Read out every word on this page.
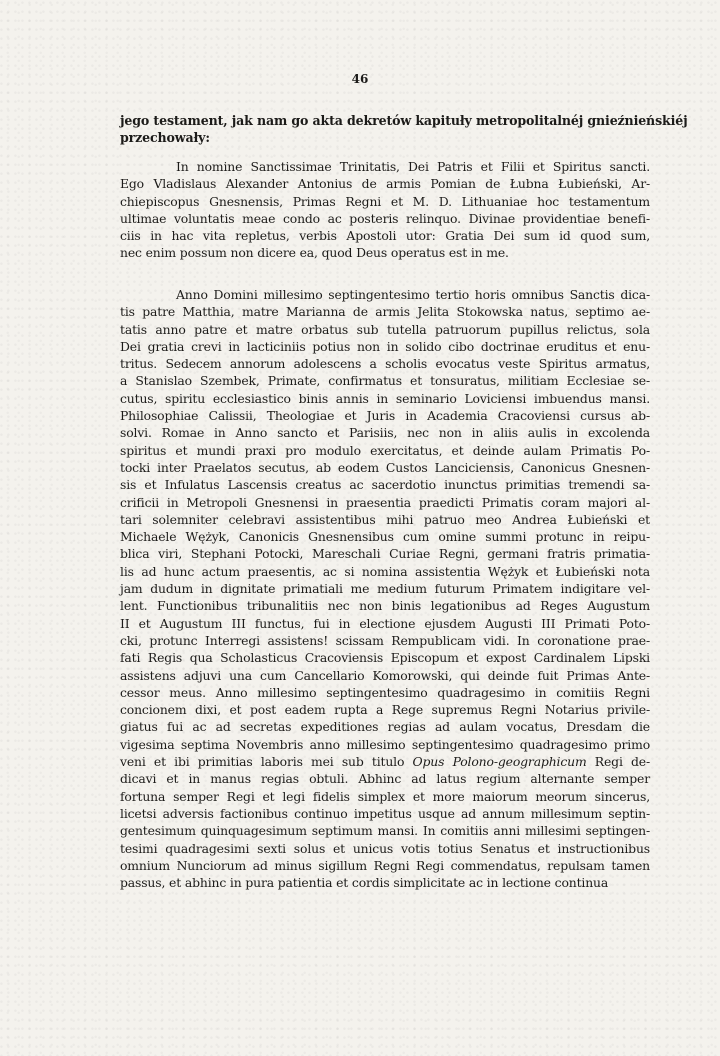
46
jego testament, jak nam go akta dekretów kapituły metropolitalnéj gnieźnieńskiéj
przechowały:
In nomine Sanctissimae Trinitatis, Dei Patris et Filii et Spiritus sancti.
Ego Vladislaus Alexander Antonius de armis Pomian de Łubna Łubieński, Ar-
chiepiscopus Gnesnensis, Primas Regni et M. D. Lithuaniae hoc testamentum
ultimae voluntatis meae condo ac posteris relinquo. Divinae providentiae benefi-
ciis in hac vita repletus, verbis Apostoli utor: Gratia Dei sum id quod sum,
nec enim possum non dicere ea, quod Deus operatus est in me.
Anno Domini millesimo septingentesimo tertio horis omnibus Sanctis dica-
tis patre Matthia, matre Marianna de armis Jelita Stokowska natus, septimo ae-
tatis anno patre et matre orbatus sub tutella patruorum pupillus relictus, sola
Dei gratia crevi in lacticiniis potius non in solido cibo doctrinae eruditus et enu-
tritus. Sedecem annorum adolescens a scholis evocatus veste Spiritus armatus,
a Stanislao Szembek, Primate, confirmatus et tonsuratus, militiam Ecclesiae se-
cutus, spiritu ecclesiastico binis annis in seminario Loviciensi imbuendus mansi.
Philosophiae Calissii, Theologiae et Juris in Academia Cracoviensi cursus ab-
solvi. Romae in Anno sancto et Parisiis, nec non in aliis aulis in excolenda
spiritus et mundi praxi pro modulo exercitatus, et deinde aulam Primatis Po-
tocki inter Praelatos secutus, ab eodem Custos Lanciciensis, Canonicus Gnesnen-
sis et Infulatus Lascensis creatus ac sacerdotio inunctus primitias tremendi sa-
crificii in Metropoli Gnesnensi in praesentia praedicti Primatis coram majori al-
tari solemniter celebravi assistentibus mihi patruo meo Andrea Łubieński et
Michaele Wężyk, Canonicis Gnesnensibus cum omine summi protunc in reipu-
blica viri, Stephani Potocki, Mareschali Curiae Regni, germani fratris primatia-
lis ad hunc actum praesentis, ac si nomina assistentia Wężyk et Łubieński nota
jam dudum in dignitate primatiali me medium futurum Primatem indigitare vel-
lent. Functionibus tribunalitiis nec non binis legationibus ad Reges Augustum
II et Augustum III functus, fui in electione ejusdem Augusti III Primati Poto-
cki, protunc Interregi assistens! scissam Rempublicam vidi. In coronatione prae-
fati Regis qua Scholasticus Cracoviensis Episcopum et expost Cardinalem Lipski
assistens adjuvi una cum Cancellario Komorowski, qui deinde fuit Primas Ante-
cessor meus. Anno millesimo septingentesimo quadragesimo in comitiis Regni
concionem dixi, et post eadem rupta a Rege supremus Regni Notarius privile-
giatus fui ac ad secretas expeditiones regias ad aulam vocatus, Dresdam die
vigesima septima Novembris anno millesimo septingentesimo quadragesimo primo
veni et ibi primitias laboris mei sub titulo Opus Polono-geographicum Regi de-
dicavi et in manus regias obtuli. Abhinc ad latus regium alternante semper
fortuna semper Regi et legi fidelis simplex et more maiorum meorum sincerus,
licetsi adversis factionibus continuo impetitus usque ad annum millesimum septin-
gentesimum quinquagesimum septimum mansi. In comitiis anni millesimi septingen-
tesimi quadragesimi sexti solus et unicus votis totius Senatus et instructionibus
omnium Nunciorum ad minus sigillum Regni Regi commendatus, repulsam tamen
passus, et abhinc in pura patientia et cordis simplicitate ac in lectione continua
